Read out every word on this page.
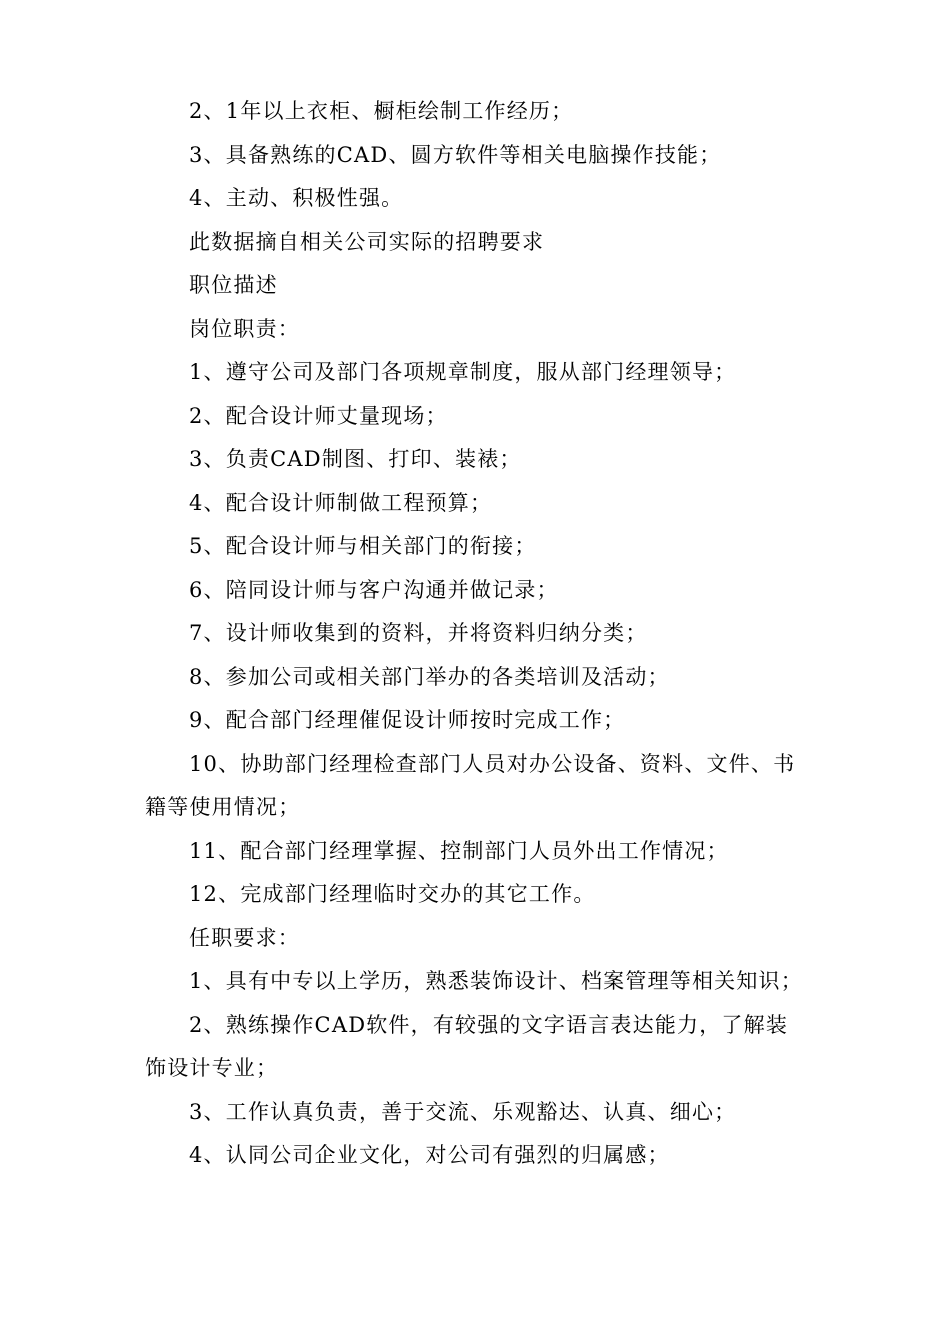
2、1年以上衣柜、橱柜绘制工作经历；

3、具备熟练的CAD、圆方软件等相关电脑操作技能；

4、主动、积极性强。

此数据摘自相关公司实际的招聘要求

职位描述

岗位职责：

1、遵守公司及部门各项规章制度，服从部门经理领导；

2、配合设计师丈量现场；

3、负责CAD制图、打印、装裱；

4、配合设计师制做工程预算；

5、配合设计师与相关部门的衔接；

6、陪同设计师与客户沟通并做记录；

7、设计师收集到的资料，并将资料归纳分类；

8、参加公司或相关部门举办的各类培训及活动；

9、配合部门经理催促设计师按时完成工作；

10、协助部门经理检查部门人员对办公设备、资料、文件、书籍等使用情况；

11、配合部门经理掌握、控制部门人员外出工作情况；

12、完成部门经理临时交办的其它工作。

任职要求：

1、具有中专以上学历，熟悉装饰设计、档案管理等相关知识；

2、熟练操作CAD软件，有较强的文字语言表达能力，了解装饰设计专业；

3、工作认真负责，善于交流、乐观豁达、认真、细心；

4、认同公司企业文化，对公司有强烈的归属感；
